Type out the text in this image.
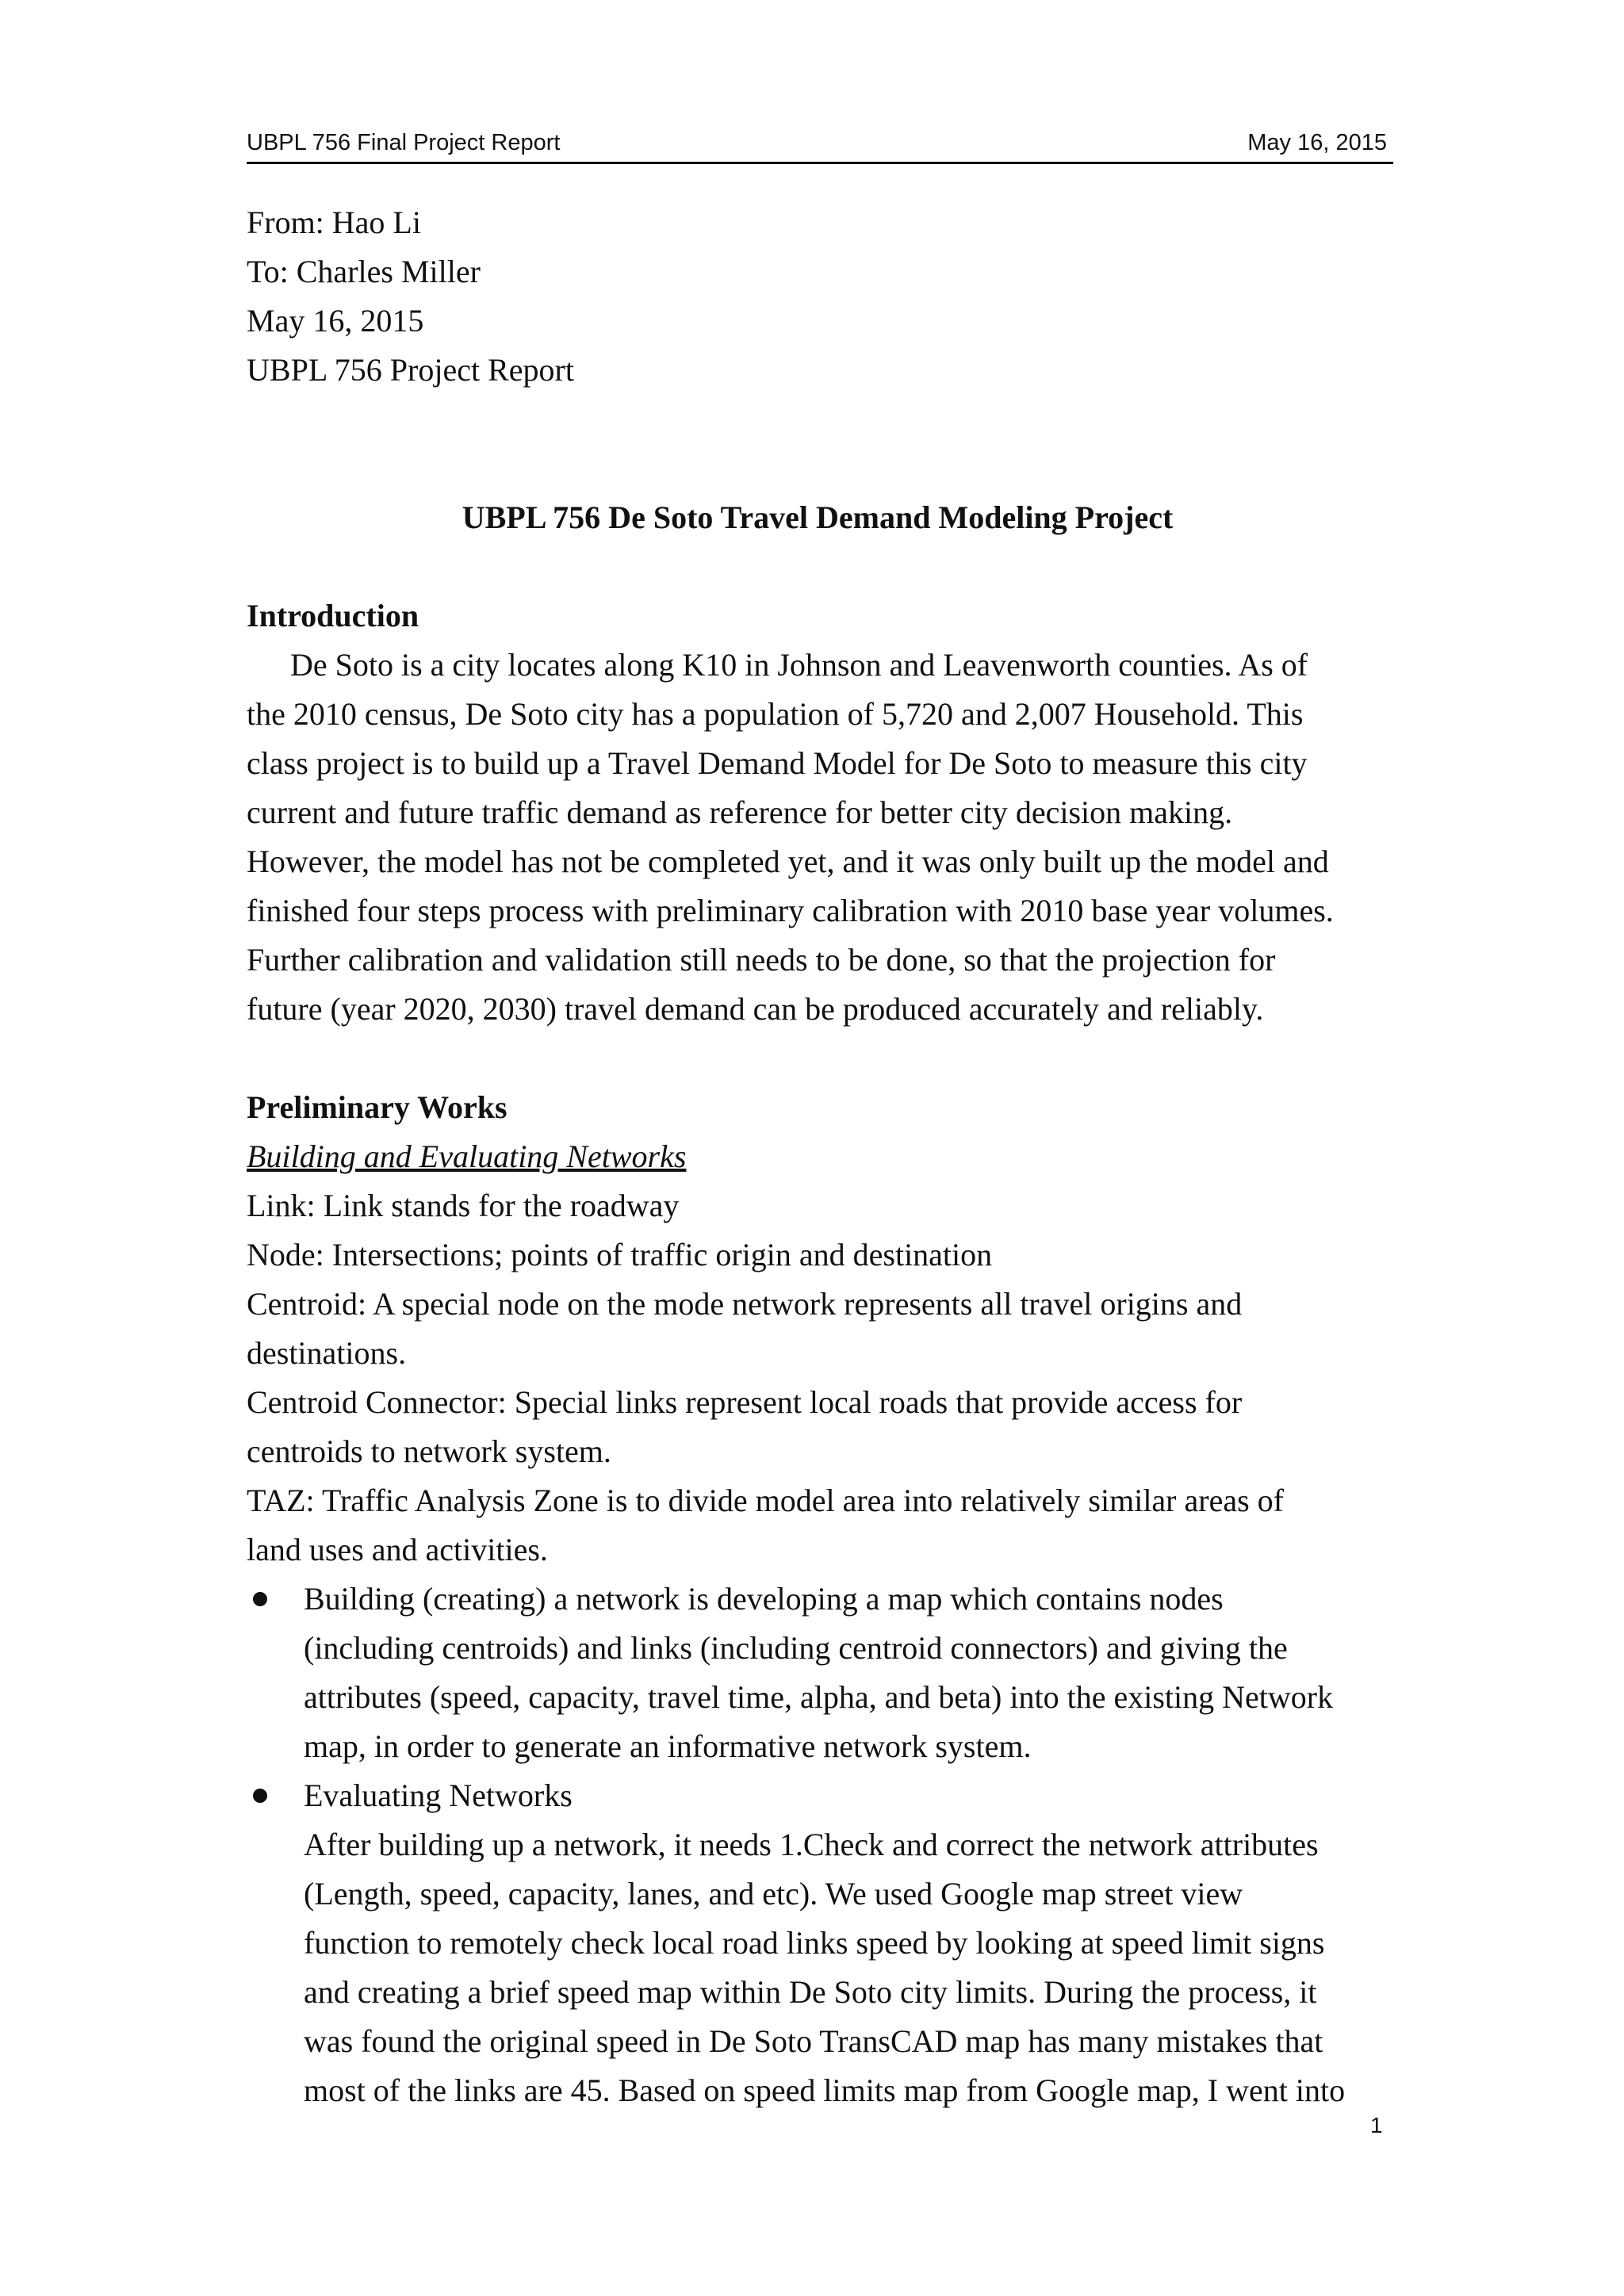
UBPL 756 Final Project Report	May 16, 2015
From: Hao Li
To: Charles Miller
May 16, 2015
UBPL 756 Project Report
UBPL 756 De Soto Travel Demand Modeling Project
Introduction
De Soto is a city locates along K10 in Johnson and Leavenworth counties. As of
the 2010 census, De Soto city has a population of 5,720 and 2,007 Household. This
class project is to build up a Travel Demand Model for De Soto to measure this city
current and future traffic demand as reference for better city decision making.
However, the model has not be completed yet, and it was only built up the model and
finished four steps process with preliminary calibration with 2010 base year volumes.
Further calibration and validation still needs to be done, so that the projection for
future (year 2020, 2030) travel demand can be produced accurately and reliably.
Preliminary Works
Building and Evaluating Networks
Link: Link stands for the roadway
Node: Intersections; points of traffic origin and destination
Centroid: A special node on the mode network represents all travel origins and
destinations.
Centroid Connector: Special links represent local roads that provide access for
centroids to network system.
TAZ: Traffic Analysis Zone is to divide model area into relatively similar areas of
land uses and activities.
Building (creating) a network is developing a map which contains nodes
(including centroids) and links (including centroid connectors) and giving the
attributes (speed, capacity, travel time, alpha, and beta) into the existing Network
map, in order to generate an informative network system.
Evaluating Networks
After building up a network, it needs 1.Check and correct the network attributes
(Length, speed, capacity, lanes, and etc). We used Google map street view
function to remotely check local road links speed by looking at speed limit signs
and creating a brief speed map within De Soto city limits. During the process, it
was found the original speed in De Soto TransCAD map has many mistakes that
most of the links are 45. Based on speed limits map from Google map, I went into
1
